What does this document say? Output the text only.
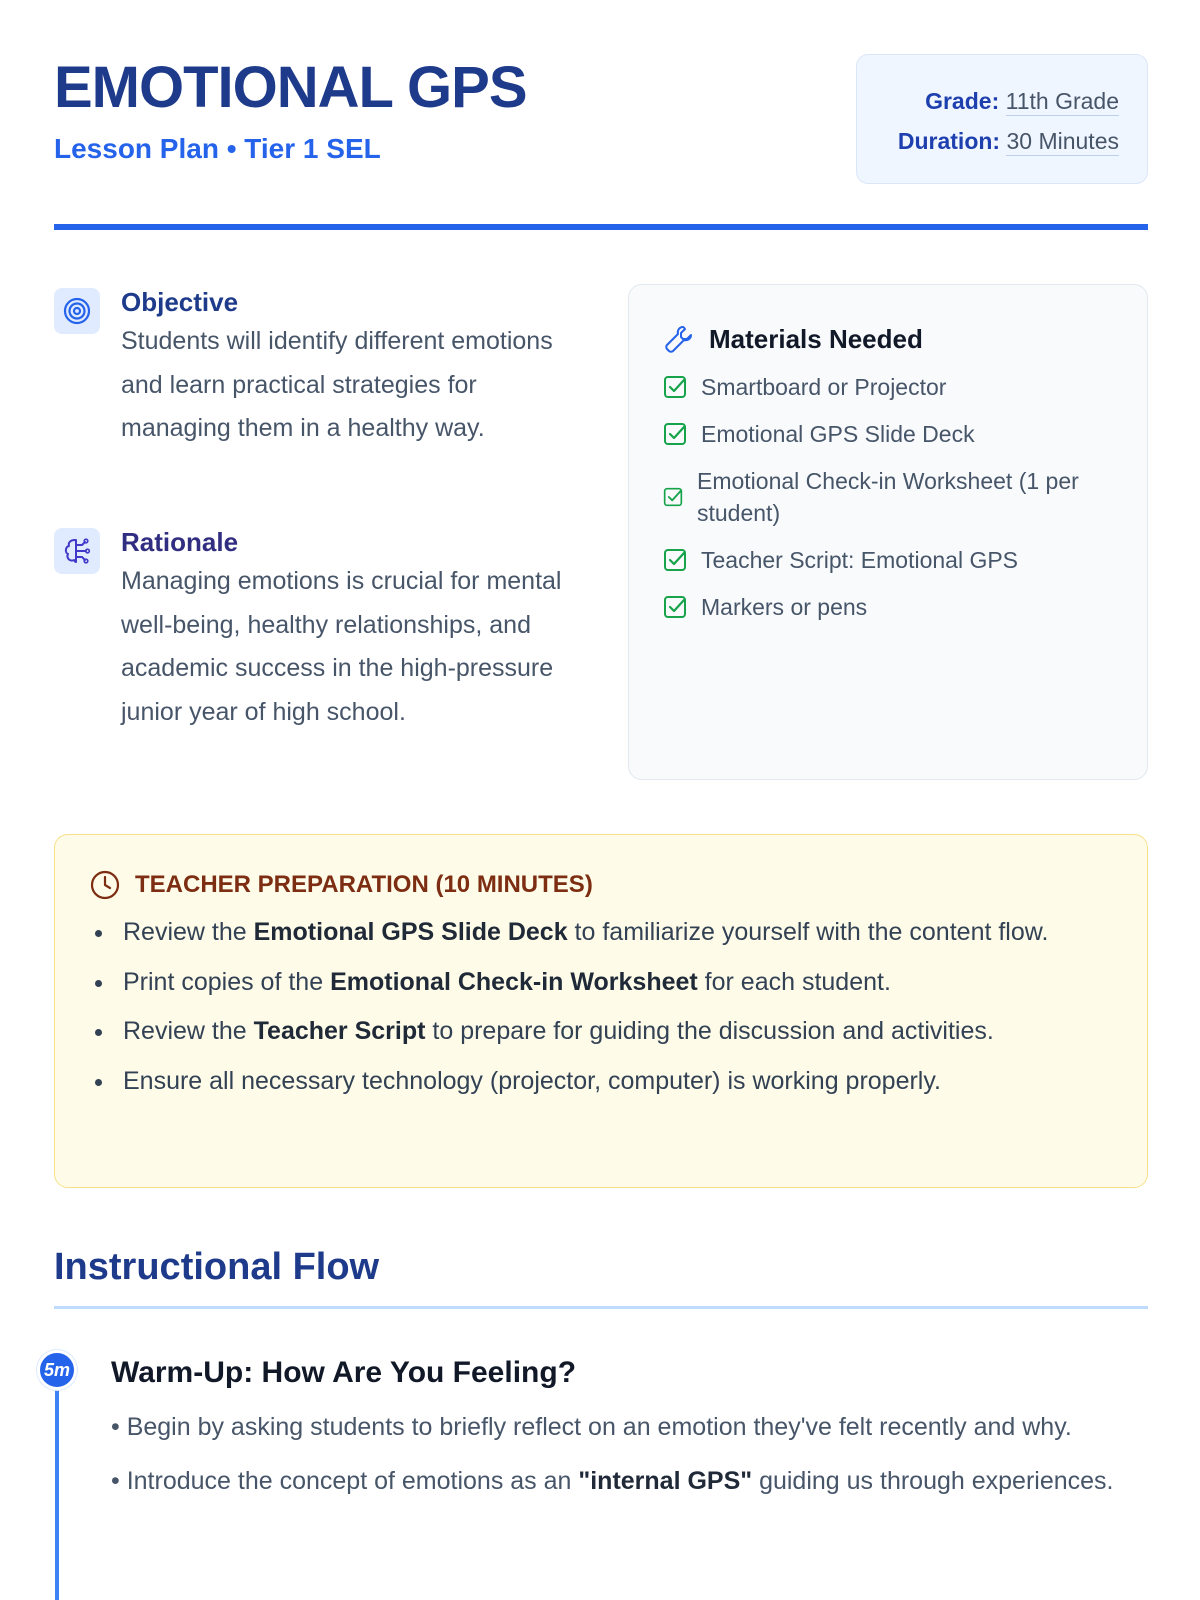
EMOTIONAL GPS
Lesson Plan • Tier 1 SEL
Grade: 11th Grade
Duration: 30 Minutes
Objective
Students will identify different emotions and learn practical strategies for managing them in a healthy way.
Rationale
Managing emotions is crucial for mental well-being, healthy relationships, and academic success in the high-pressure junior year of high school.
Materials Needed
Smartboard or Projector
Emotional GPS Slide Deck
Emotional Check-in Worksheet (1 per student)
Teacher Script: Emotional GPS
Markers or pens
TEACHER PREPARATION (10 MINUTES)
Review the Emotional GPS Slide Deck to familiarize yourself with the content flow.
Print copies of the Emotional Check-in Worksheet for each student.
Review the Teacher Script to prepare for guiding the discussion and activities.
Ensure all necessary technology (projector, computer) is working properly.
Instructional Flow
5m Warm-Up: How Are You Feeling?
• Begin by asking students to briefly reflect on an emotion they've felt recently and why.
• Introduce the concept of emotions as an "internal GPS" guiding us through experiences.
